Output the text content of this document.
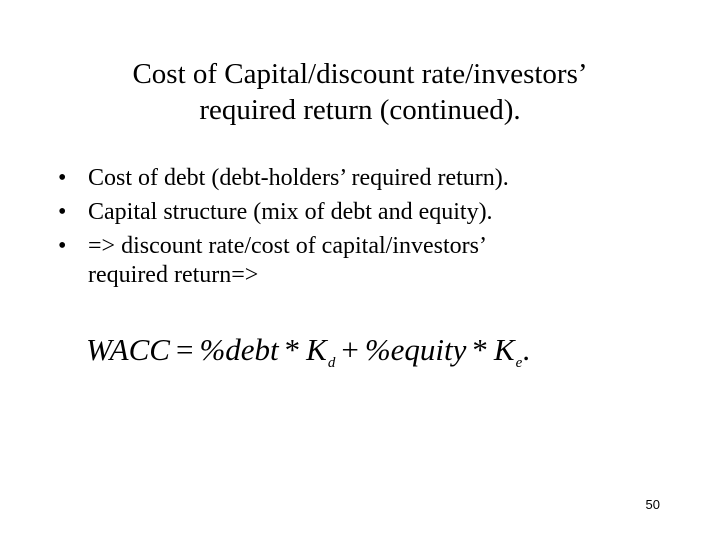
Cost of Capital/discount rate/investors’
required return (continued).
• Cost of debt (debt-holders’ required return).
• Capital structure (mix of debt and equity).
• => discount rate/cost of capital/investors’
required return=>
WACC = %debt * $K_d$ + %equity * $K_e$.
50
